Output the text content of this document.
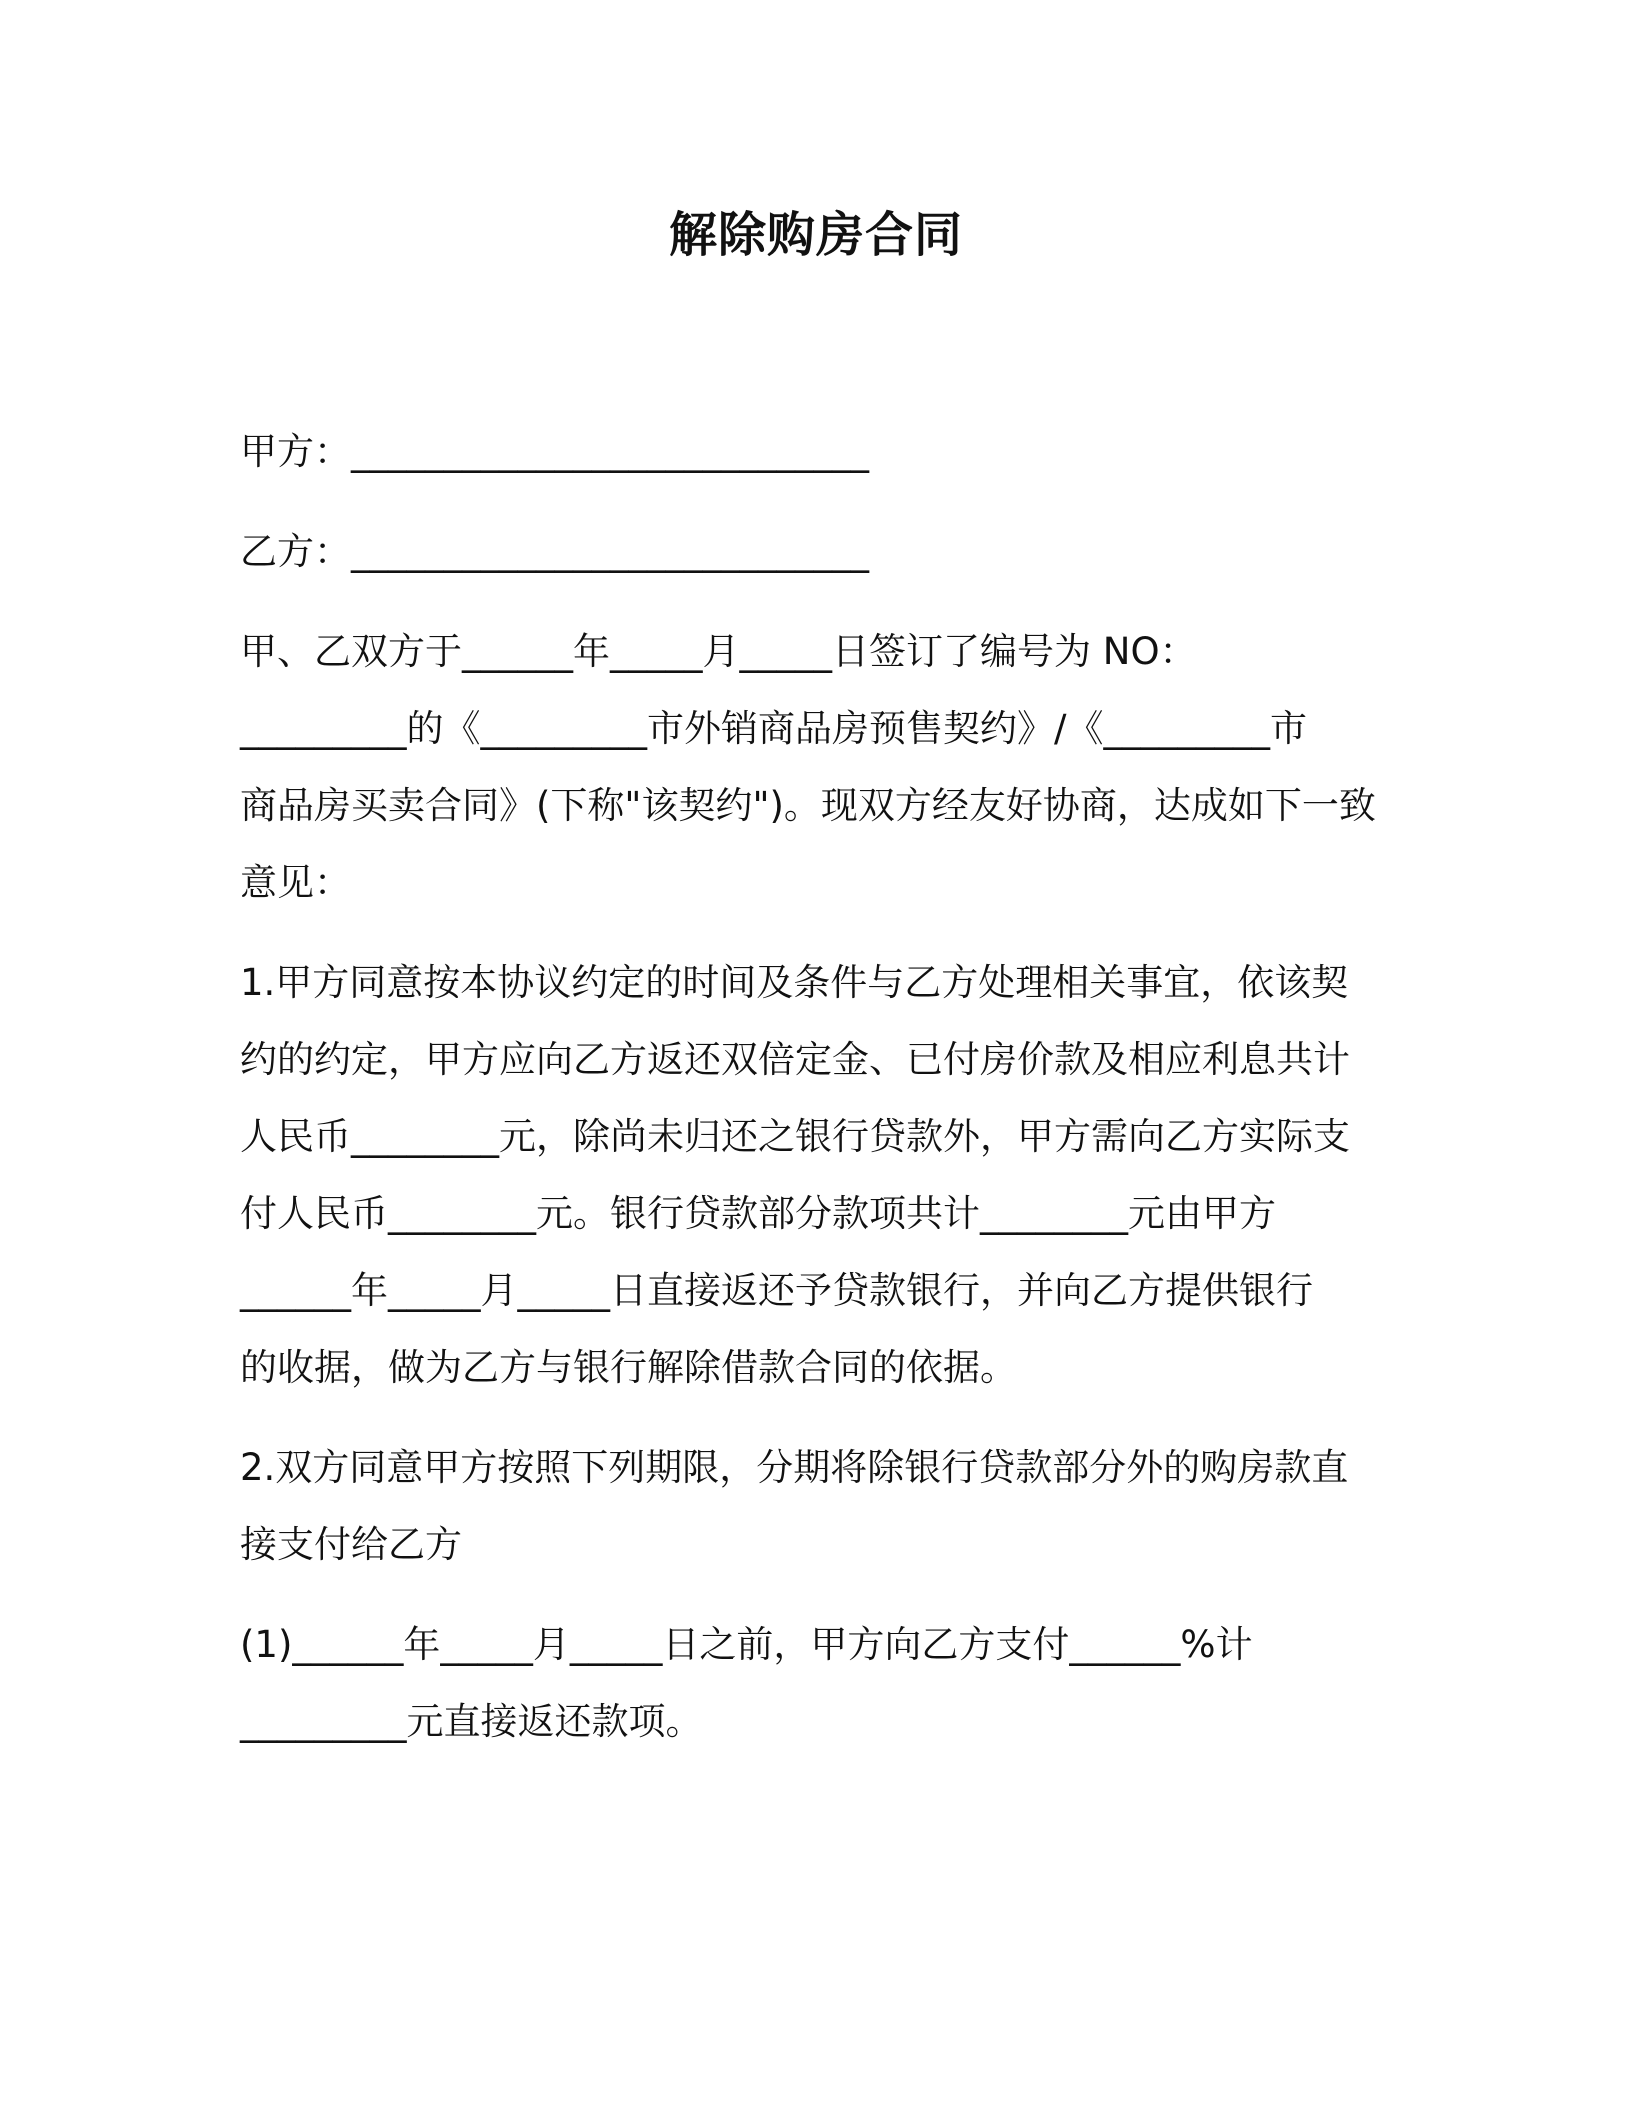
解除购房合同
甲方：____________________________
乙方：____________________________
甲、乙双方于______年_____月_____日签订了编号为 NO：
_________的《_________市外销商品房预售契约》/《_________市
商品房买卖合同》(下称"该契约")。现双方经友好协商，达成如下一致
意见：
1.甲方同意按本协议约定的时间及条件与乙方处理相关事宜，依该契
约的约定，甲方应向乙方返还双倍定金、已付房价款及相应利息共计
人民币________元，除尚未归还之银行贷款外，甲方需向乙方实际支
付人民币________元。银行贷款部分款项共计________元由甲方
______年_____月_____日直接返还予贷款银行，并向乙方提供银行
的收据，做为乙方与银行解除借款合同的依据。
2.双方同意甲方按照下列期限，分期将除银行贷款部分外的购房款直
接支付给乙方
(1)______年_____月_____日之前，甲方向乙方支付______%计
_________元直接返还款项。
